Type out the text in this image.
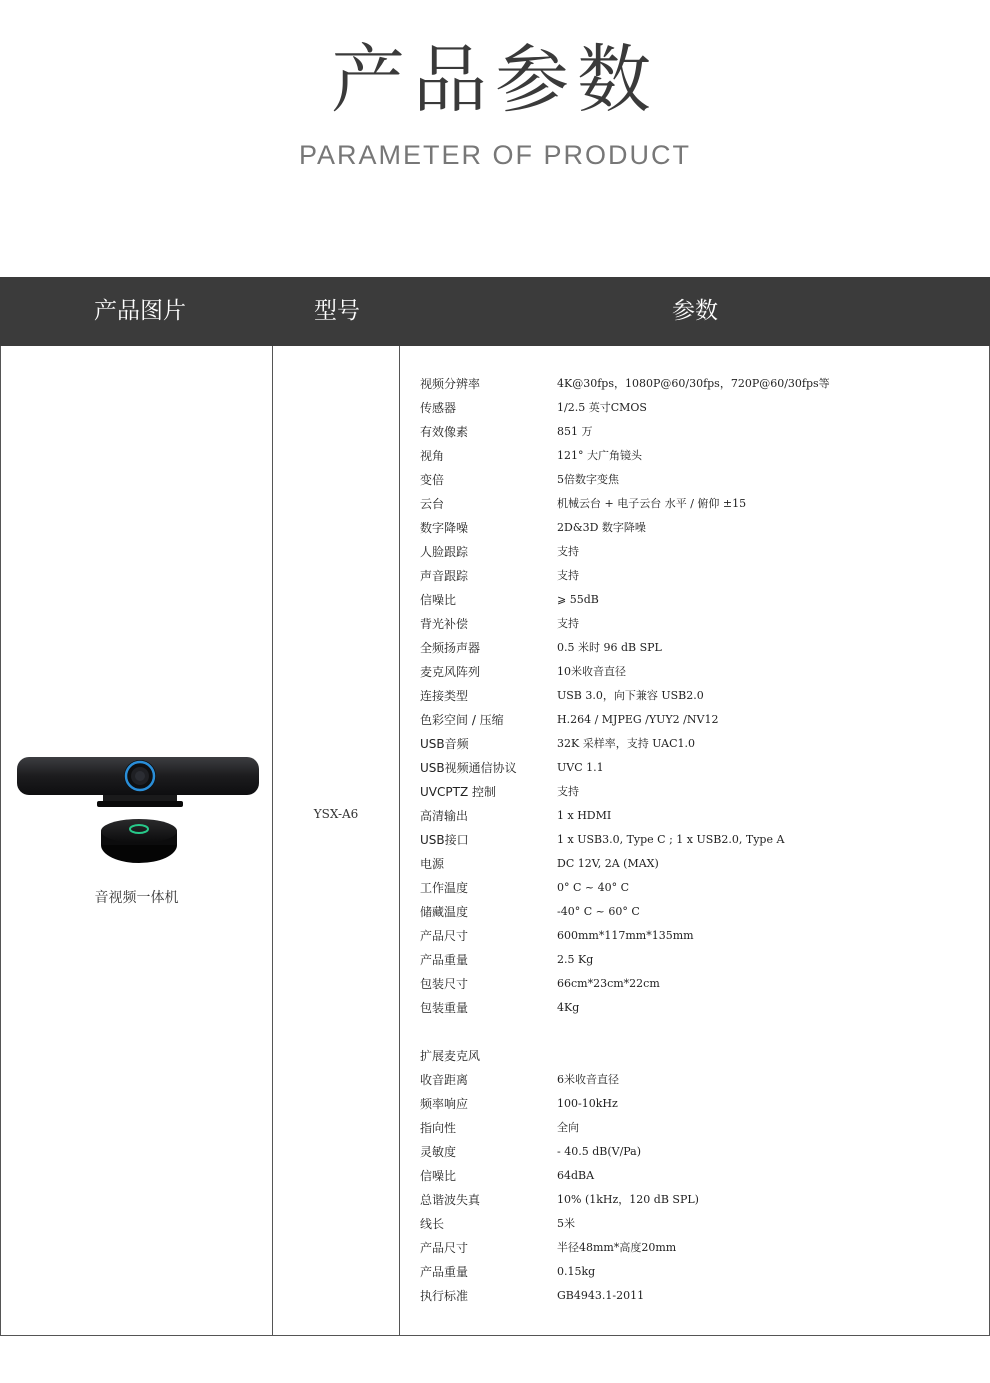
产品参数
PARAMETER OF PRODUCT
产品图片	型号	参数
音视频一体机
YSX-A6
视频分辨率	4K@30fps，1080P@60/30fps，720P@60/30fps等
传感器	1/2.5 英寸CMOS
有效像素	851 万
视角	121° 大广角镜头
变倍	5倍数字变焦
云台	机械云台 + 电子云台 水平 / 俯仰 ±15
数字降噪	2D&3D 数字降噪
人脸跟踪	支持
声音跟踪	支持
信噪比	⩾ 55dB
背光补偿	支持
全频扬声器	0.5 米时 96 dB SPL
麦克风阵列	10米收音直径
连接类型	USB 3.0，向下兼容 USB2.0
色彩空间 / 压缩	H.264 / MJPEG /YUY2 /NV12
USB音频	32K 采样率，支持 UAC1.0
USB视频通信协议	UVC 1.1
UVCPTZ 控制	支持
高清输出	1 x HDMI
USB接口	1 x USB3.0, Type C ; 1 x USB2.0, Type A
电源	DC 12V, 2A (MAX)
工作温度	0° C ~ 40° C
储藏温度	-40° C ~ 60° C
产品尺寸	600mm*117mm*135mm
产品重量	2.5 Kg
包装尺寸	66cm*23cm*22cm
包装重量	4Kg
扩展麦克风
收音距离	6米收音直径
频率响应	100-10kHz
指向性	全向
灵敏度	- 40.5 dB(V/Pa)
信噪比	64dBA
总谐波失真	10% (1kHz，120 dB SPL)
线长	5米
产品尺寸	半径48mm*高度20mm
产品重量	0.15kg
执行标准	GB4943.1-2011
